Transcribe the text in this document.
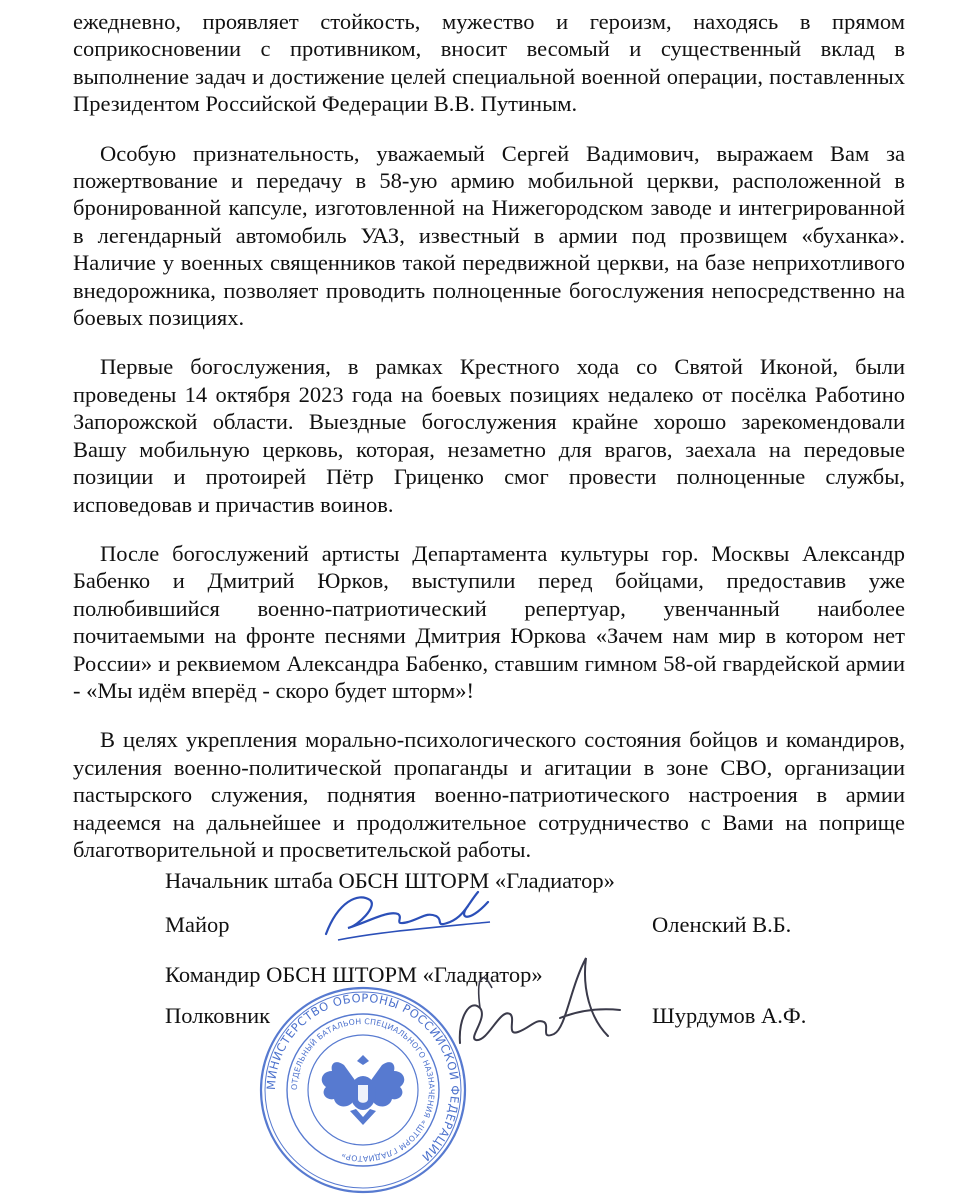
ежедневно, проявляет стойкость, мужество и героизм, находясь в прямом соприкосновении с противником, вносит весомый и существенный вклад в выполнение задач и достижение целей специальной военной операции, поставленных Президентом Российской Федерации В.В. Путиным.

Особую признательность, уважаемый Сергей Вадимович, выражаем Вам за пожертвование и передачу в 58-ую армию мобильной церкви, расположенной в бронированной капсуле, изготовленной на Нижегородском заводе и интегрированной в легендарный автомобиль УАЗ, известный в армии под прозвищем «буханка». Наличие у военных священников такой передвижной церкви, на базе неприхотливого внедорожника, позволяет проводить полноценные богослужения непосредственно на боевых позициях.

Первые богослужения, в рамках Крестного хода со Святой Иконой, были проведены 14 октября 2023 года на боевых позициях недалеко от посёлка Работино Запорожской области. Выездные богослужения крайне хорошо зарекомендовали Вашу мобильную церковь, которая, незаметно для врагов, заехала на передовые позиции и протоирей Пётр Гриценко смог провести полноценные службы, исповедовав и причастив воинов.

После богослужений артисты Департамента культуры гор. Москвы Александр Бабенко и Дмитрий Юрков, выступили перед бойцами, предоставив уже полюбившийся военно-патриотический репертуар, увенчанный наиболее почитаемыми на фронте песнями Дмитрия Юркова «Зачем нам мир в котором нет России» и реквиемом Александра Бабенко, ставшим гимном 58-ой гвардейской армии - «Мы идём вперёд - скоро будет шторм»!

В целях укрепления морально-психологического состояния бойцов и командиров, усиления военно-политической пропаганды и агитации в зоне СВО, организации пастырского служения, поднятия военно-патриотического настроения в армии надеемся на дальнейшее и продолжительное сотрудничество с Вами на поприще благотворительной и просветительской работы.

Начальник штаба ОБСН ШТОРМ «Гладиатор»
Майор	Оленский В.Б.
Командир ОБСН ШТОРМ «Гладиатор»
Полковник	Шурдумов А.Ф.
МИНИСТЕРСТВО ОБОРОНЫ РОССИЙСКОЙ ФЕДЕРАЦИИ
ОТДЕЛЬНЫЙ БАТАЛЬОН СПЕЦИАЛЬНОГО НАЗНАЧЕНИЯ «ШТОРМ ГЛАДИАТОР»
